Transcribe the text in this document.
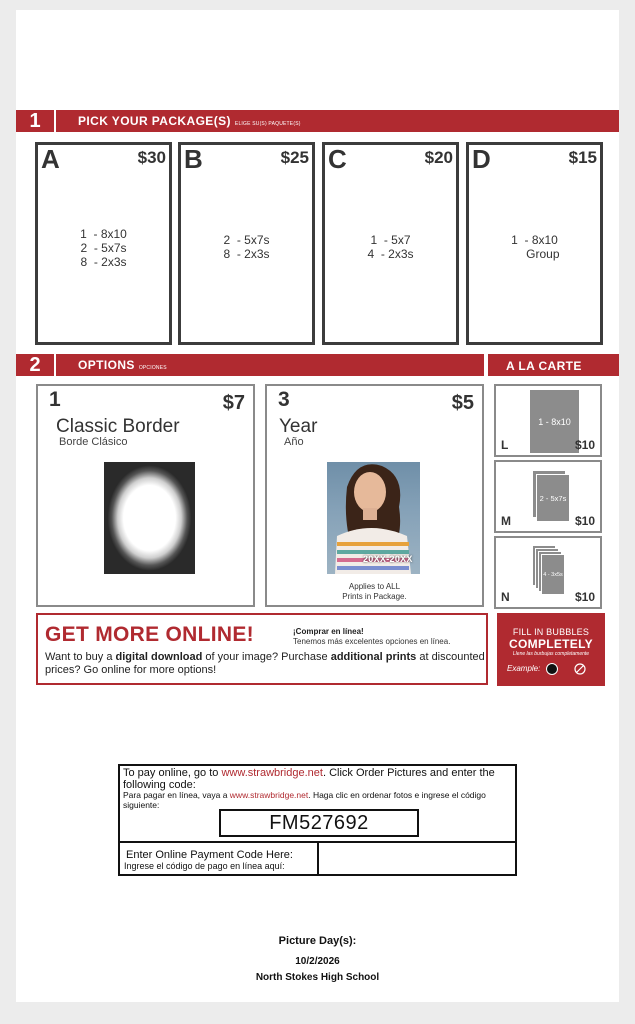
1	PICK YOUR PACKAGE(S) ELIGE SU(S) PAQUETE(S)
A	$30
1  - 8x10
2  - 5x7s
8  - 2x3s
B	$25
2  - 5x7s
8  - 2x3s
C	$20
1  - 5x7
4  - 2x3s
D	$15
1  - 8x10
Group
2	OPTIONS OPCIONES	A LA CARTE
1	$7
Classic Border
Borde Clásico
3	$5
Year
Año
20XX-20XX
Applies to ALL
Prints in Package.
1 - 8x10
L	$10
2 - 5x7s
M	$10
4 - 3x5s
N	$10
GET MORE ONLINE!	¡Comprar en línea!
Tenemos más excelentes opciones en línea.
Want to buy a digital download of your image? Purchase additional prints at discounted prices? Go online for more options!
FILL IN BUBBLES
COMPLETELY
Llene las burbujas completamente
Example:
To pay online, go to www.strawbridge.net. Click Order Pictures and enter the following code:
Para pagar en línea, vaya a www.strawbridge.net. Haga clic en ordenar fotos e ingrese el código siguiente:
FM527692
Enter Online Payment Code Here:
Ingrese el código de pago en línea aquí:
Picture Day(s):
10/2/2026
North Stokes High School
